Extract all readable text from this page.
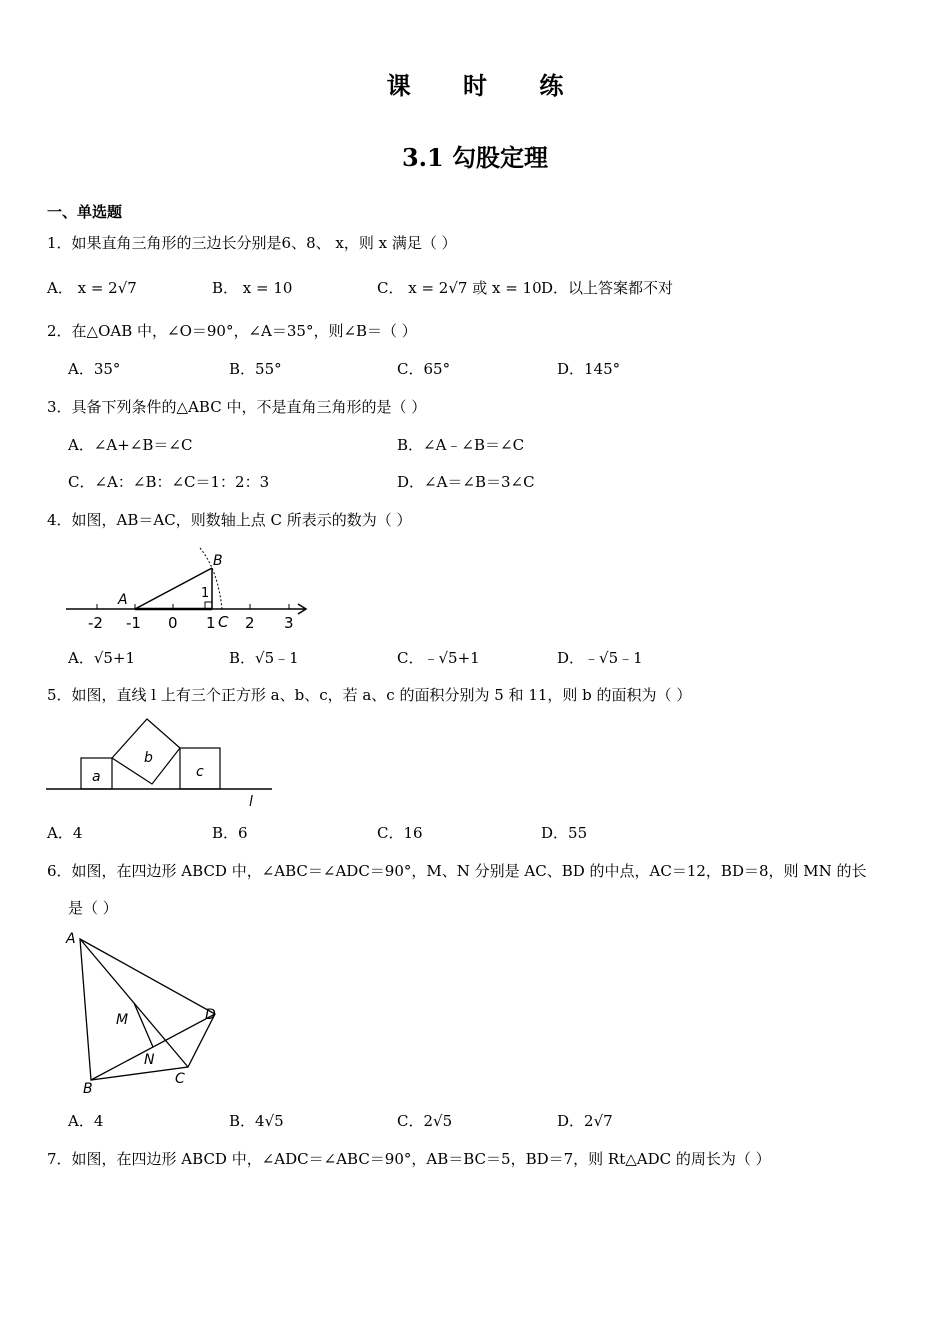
课 时 练
3.1 勾股定理
一、单选题
1．如果直角三角形的三边长分别是6、8、 x，则 x 满足（ ）
A． x = 2√7	B． x = 10	C． x = 2√7 或 x = 10 D．以上答案都不对
2．在△OAB 中，∠O＝90°，∠A＝35°，则∠B＝（ ）
A．35°	B．55°	C．65°	D．145°
3．具备下列条件的△ABC 中，不是直角三角形的是（ ）
A．∠A+∠B＝∠C	B．∠A﹣∠B＝∠C
C．∠A：∠B：∠C＝1：2：3	D．∠A＝∠B＝3∠C
4．如图，AB＝AC，则数轴上点 C 所表示的数为（ ）
-2 -1 0 1 2 3
A
B
C
1
A．√5+1	B．√5﹣1	C．﹣√5+1	D．﹣√5﹣1
5．如图，直线 l 上有三个正方形 a、b、c，若 a、c 的面积分别为 5 和 11，则 b 的面积为（ ）
a
b
c
l
A．4	B．6	C．16	D．55
6．如图，在四边形 ABCD 中，∠ABC＝∠ADC＝90°，M、N 分别是 AC、BD 的中点，AC＝12，BD＝8，则 MN 的长
是（ ）
A
B
C
D
M
N
A．4	B．4√5	C．2√5	D．2√7
7．如图，在四边形 ABCD 中，∠ADC＝∠ABC＝90°，AB＝BC＝5，BD＝7，则 Rt△ADC 的周长为（ ）
